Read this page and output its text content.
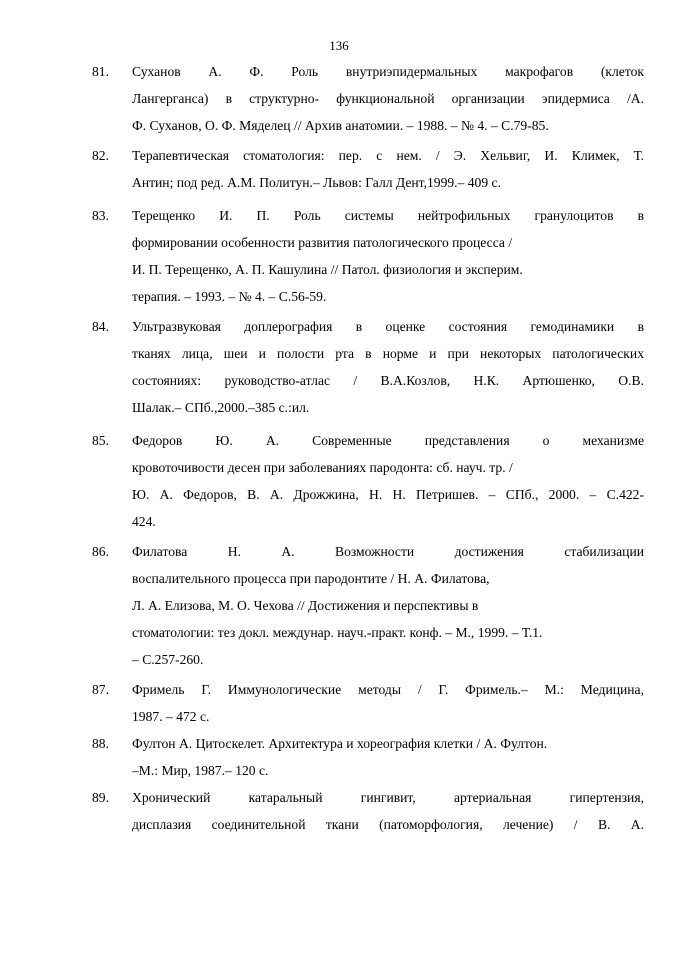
136
81.	Суханов А. Ф. Роль внутриэпидермальных макрофагов (клеток
Лангерганса) в структурно- функциональной организации эпидермиса /А.
Ф. Суханов, О. Ф. Мяделец // Архив анатомии. – 1988. – № 4. – С.79-85.
82.	Терапевтическая стоматология: пер. с нем. / Э. Хельвиг, И. Климек, Т.
Антин; под ред. А.М. Политун.– Львов: Галл Дент,1999.– 409 с.
83.	Терещенко И. П. Роль системы нейтрофильных гранулоцитов в
формировании особенности развития патологического процесса /
И. П. Терещенко, А. П. Кашулина // Патол. физиология и эксперим.
терапия. – 1993. – № 4. – С.56-59.
84.	Ультразвуковая доплерография в оценке состояния гемодинамики в
тканях лица, шеи и полости рта в норме и при некоторых патологических
состояниях: руководство-атлас / В.А.Козлов, Н.К. Артюшенко, О.В.
Шалак.– СПб.,2000.–385 с.:ил.
85.	Федоров Ю. А. Современные представления о механизме
кровоточивости десен при заболеваниях пародонта: сб. науч. тр. /
Ю. А. Федоров, В. А. Дрожжина, Н. Н. Петришев. – СПб., 2000. – С.422-
424.
86.	Филатова Н. А. Возможности достижения стабилизации
воспалительного процесса при пародонтите / Н. А. Филатова,
Л. А. Елизова, М. О. Чехова // Достижения и перспективы в
стоматологии: тез докл. междунар. науч.-практ. конф. – М., 1999. – Т.1.
– С.257-260.
87.	Фримель Г. Иммунологические методы / Г. Фримель.– М.: Медицина,
1987. – 472 с.
88.	Фултон А. Цитоскелет. Архитектура и хореография клетки / А. Фултон.
–М.: Мир, 1987.– 120 с.
89.	Хронический катаральный гингивит, артериальная гипертензия,
дисплазия соединительной ткани (патоморфология, лечение) / В. А.
